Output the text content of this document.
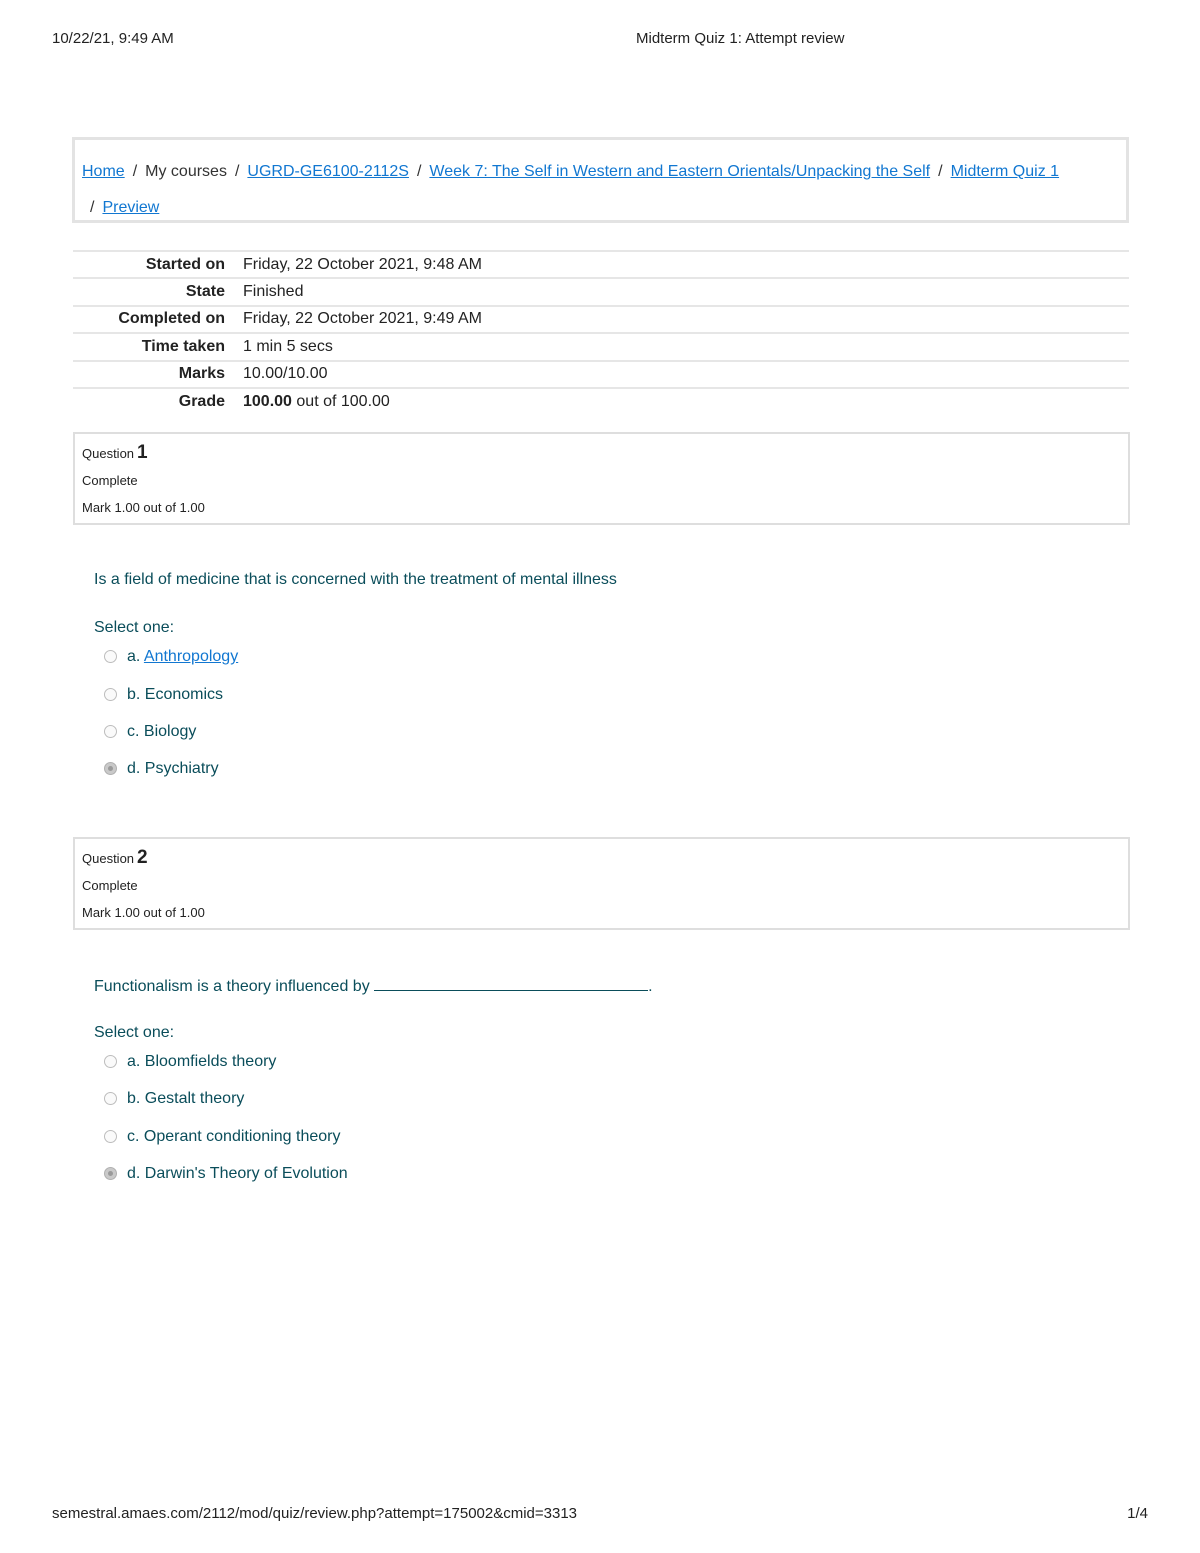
10/22/21, 9:49 AM	Midterm Quiz 1: Attempt review
Home / My courses / UGRD-GE6100-2112S / Week 7: The Self in Western and Eastern Orientals/Unpacking the Self / Midterm Quiz 1
/ Preview
Started on	Friday, 22 October 2021, 9:48 AM
State	Finished
Completed on	Friday, 22 October 2021, 9:49 AM
Time taken	1 min 5 secs
Marks	10.00/10.00
Grade	100.00 out of 100.00
Question 1
Complete
Mark 1.00 out of 1.00
Is a field of medicine that is concerned with the treatment of mental illness
Select one:
a. Anthropology
b. Economics
c. Biology
d. Psychiatry
Question 2
Complete
Mark 1.00 out of 1.00
Functionalism is a theory influenced by	.
Select one:
a. Bloomfields theory
b. Gestalt theory
c. Operant conditioning theory
d. Darwin's Theory of Evolution
semestral.amaes.com/2112/mod/quiz/review.php?attempt=175002&cmid=3313	1/4
